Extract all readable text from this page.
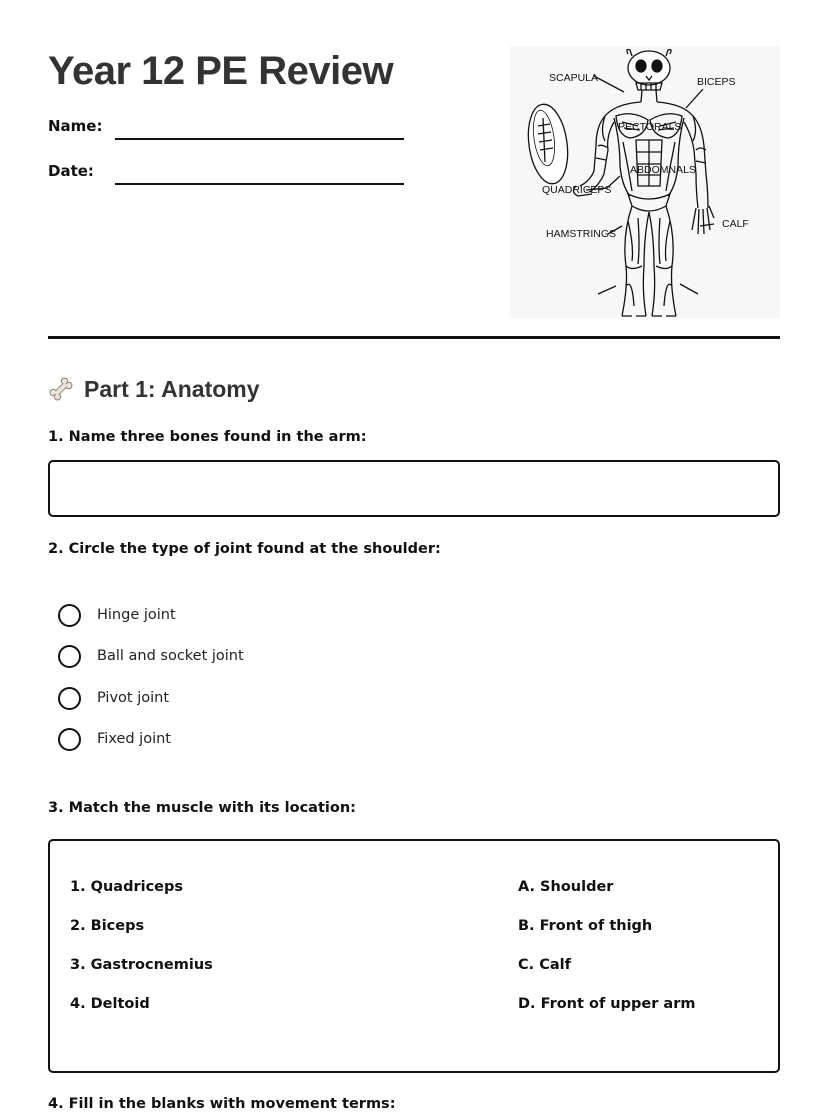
Year 12 PE Review
Name:
Date:
SCAPULA	BICEPS
PECTORALS
ABDOMNALS
QUADRICEPS
CALF
HAMSTRINGS
Part 1: Anatomy
1. Name three bones found in the arm:
2. Circle the type of joint found at the shoulder:
Hinge joint
Ball and socket joint
Pivot joint
Fixed joint
3. Match the muscle with its location:
1. Quadriceps
2. Biceps
3. Gastrocnemius
4. Deltoid
A. Shoulder
B. Front of thigh
C. Calf
D. Front of upper arm
4. Fill in the blanks with movement terms:
